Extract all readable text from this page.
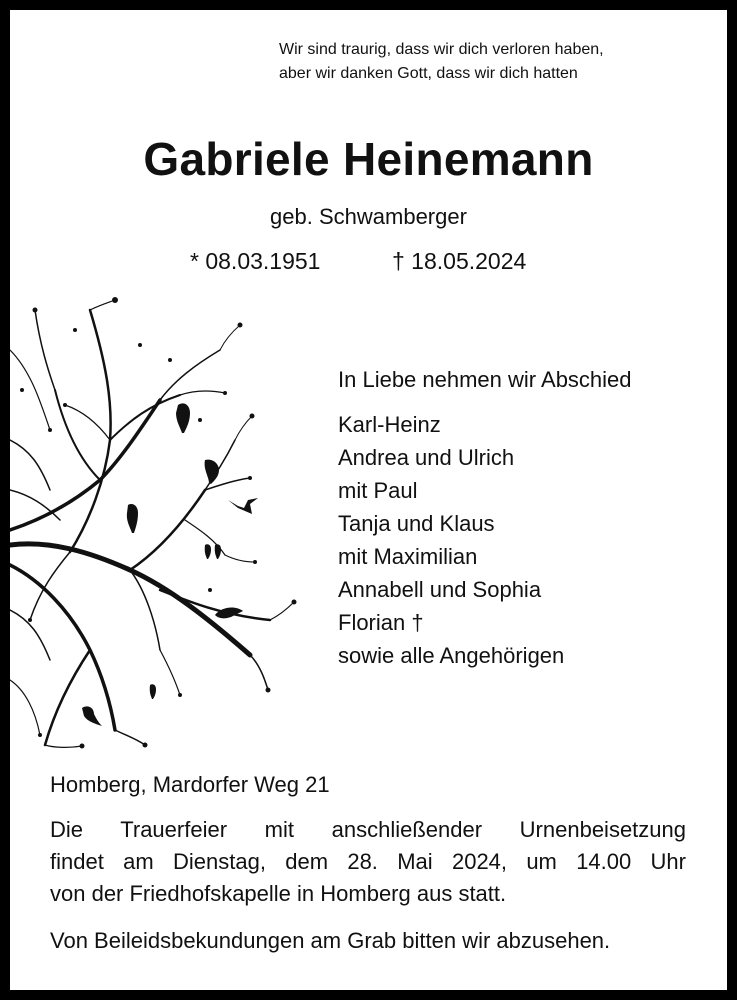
Wir sind traurig, dass wir dich verloren haben,
aber wir danken Gott, dass wir dich hatten
Gabriele Heinemann
geb. Schwamberger
* 08.03.1951	† 18.05.2024
In Liebe nehmen wir Abschied
Karl-Heinz
Andrea und Ulrich
mit Paul
Tanja und Klaus
mit Maximilian
Annabell und Sophia
Florian †
sowie alle Angehörigen
Homberg, Mardorfer Weg 21
Die Trauerfeier mit anschließender Urnenbeisetzung
findet am Dienstag, dem 28. Mai 2024, um 14.00 Uhr
von der Friedhofskapelle in Homberg aus statt.
Von Beileidsbekundungen am Grab bitten wir abzusehen.
